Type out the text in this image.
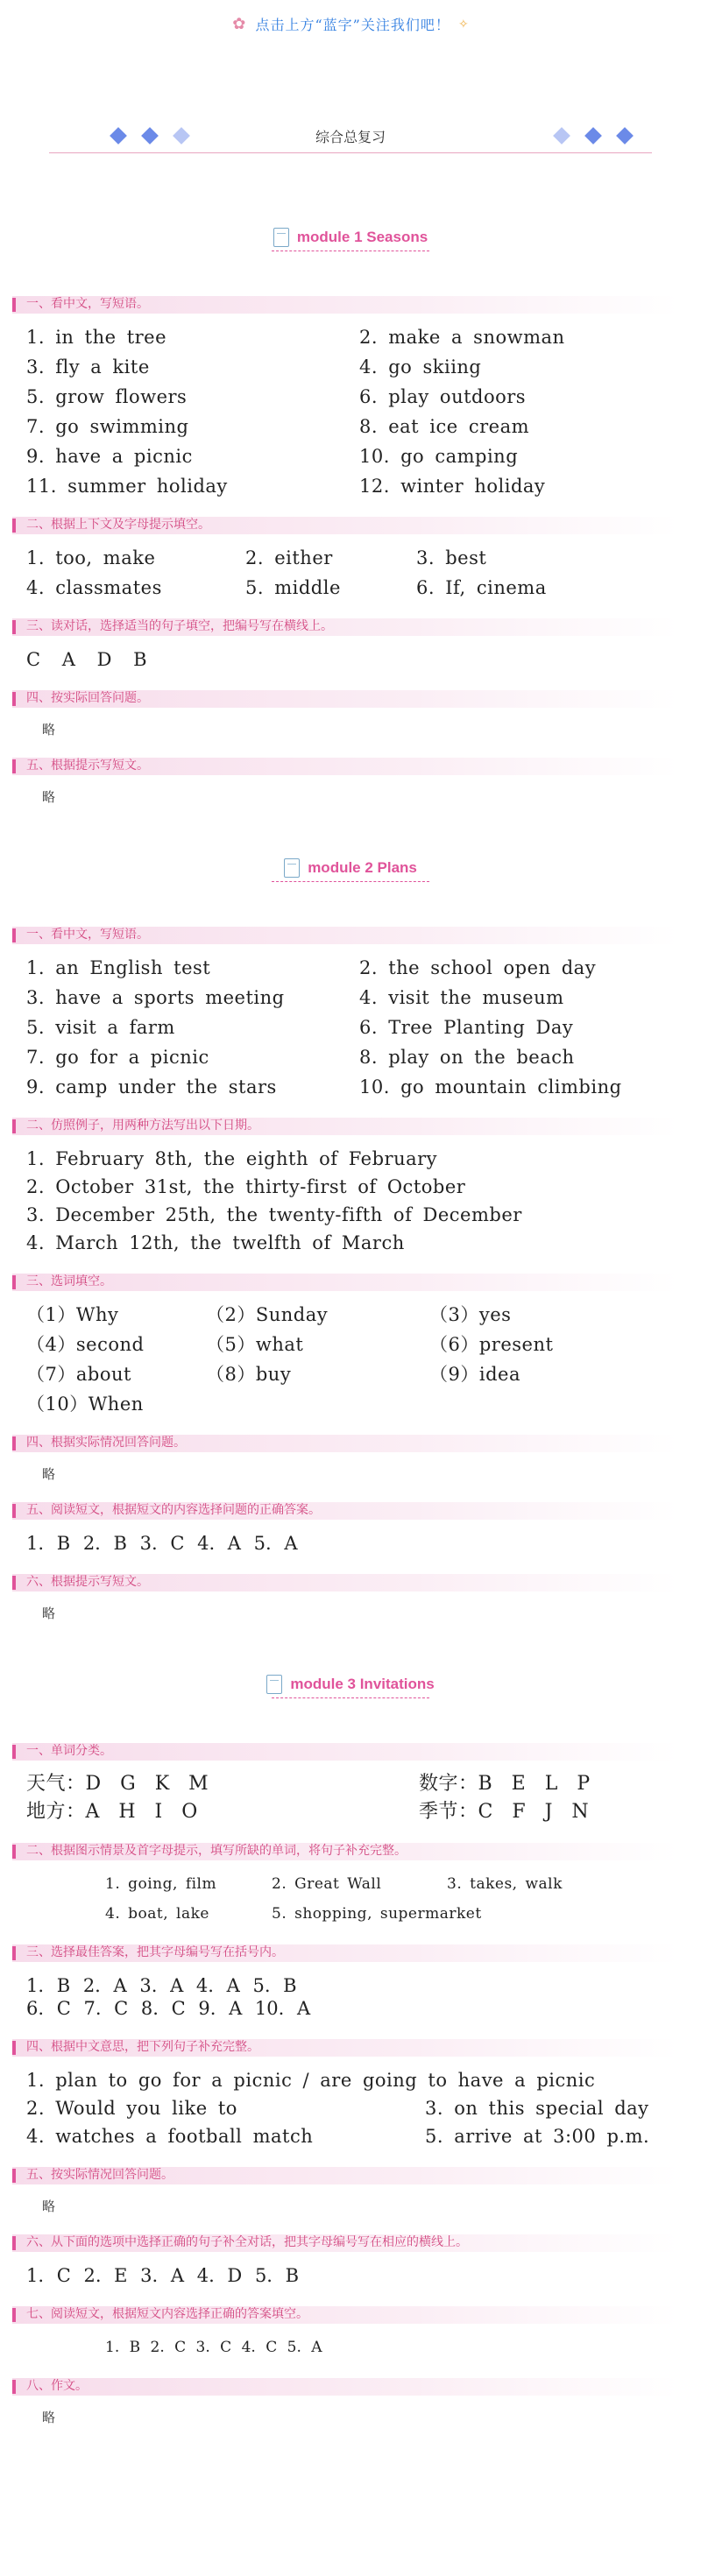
✿ 点击上方“蓝字”关注我们吧！ ✧
综合总复习
module 1 Seasons
一、看中文，写短语。
1. in the tree	2. make a snowman
3. fly a kite	4. go skiing
5. grow flowers	6. play outdoors
7. go swimming	8. eat ice cream
9. have a picnic	10. go camping
11. summer holiday	12. winter holiday
二、根据上下文及字母提示填空。
1. too, make	2. either	3. best
4. classmates	5. middle	6. If, cinema
三、读对话，选择适当的句子填空，把编号写在横线上。
C A D B
四、按实际回答问题。
略
五、根据提示写短文。
略
module 2 Plans
一、看中文，写短语。
1. an English test	2. the school open day
3. have a sports meeting	4. visit the museum
5. visit a farm	6. Tree Planting Day
7. go for a picnic	8. play on the beach
9. camp under the stars	10. go mountain climbing
二、仿照例子，用两种方法写出以下日期。
1. February 8th, the eighth of February
2. October 31st, the thirty-first of October
3. December 25th, the twenty-fifth of December
4. March 12th, the twelfth of March
三、选词填空。
（1）Why	（2）Sunday	（3）yes
（4）second	（5）what	（6）present
（7）about	（8）buy	（9）idea
（10）When
四、根据实际情况回答问题。
略
五、阅读短文，根据短文的内容选择问题的正确答案。
1. B 2. B 3. C 4. A 5. A
六、根据提示写短文。
略
module 3 Invitations
一、单词分类。
天气：D G K M	数字：B E L P
地方：A H I O	季节：C F J N
二、根据图示情景及首字母提示，填写所缺的单词，将句子补充完整。
1. going, film	2. Great Wall	3. takes, walk
4. boat, lake	5. shopping, supermarket
三、选择最佳答案，把其字母编号写在括号内。
1. B 2. A 3. A 4. A 5. B
6. C 7. C 8. C 9. A 10. A
四、根据中文意思，把下列句子补充完整。
1. plan to go for a picnic / are going to have a picnic
2. Would you like to	3. on this special day
4. watches a football match	5. arrive at 3:00 p.m.
五、按实际情况回答问题。
略
六、从下面的选项中选择正确的句子补全对话，把其字母编号写在相应的横线上。
1. C 2. E 3. A 4. D 5. B
七、阅读短文，根据短文内容选择正确的答案填空。
1. B 2. C 3. C 4. C 5. A
八、作文。
略
